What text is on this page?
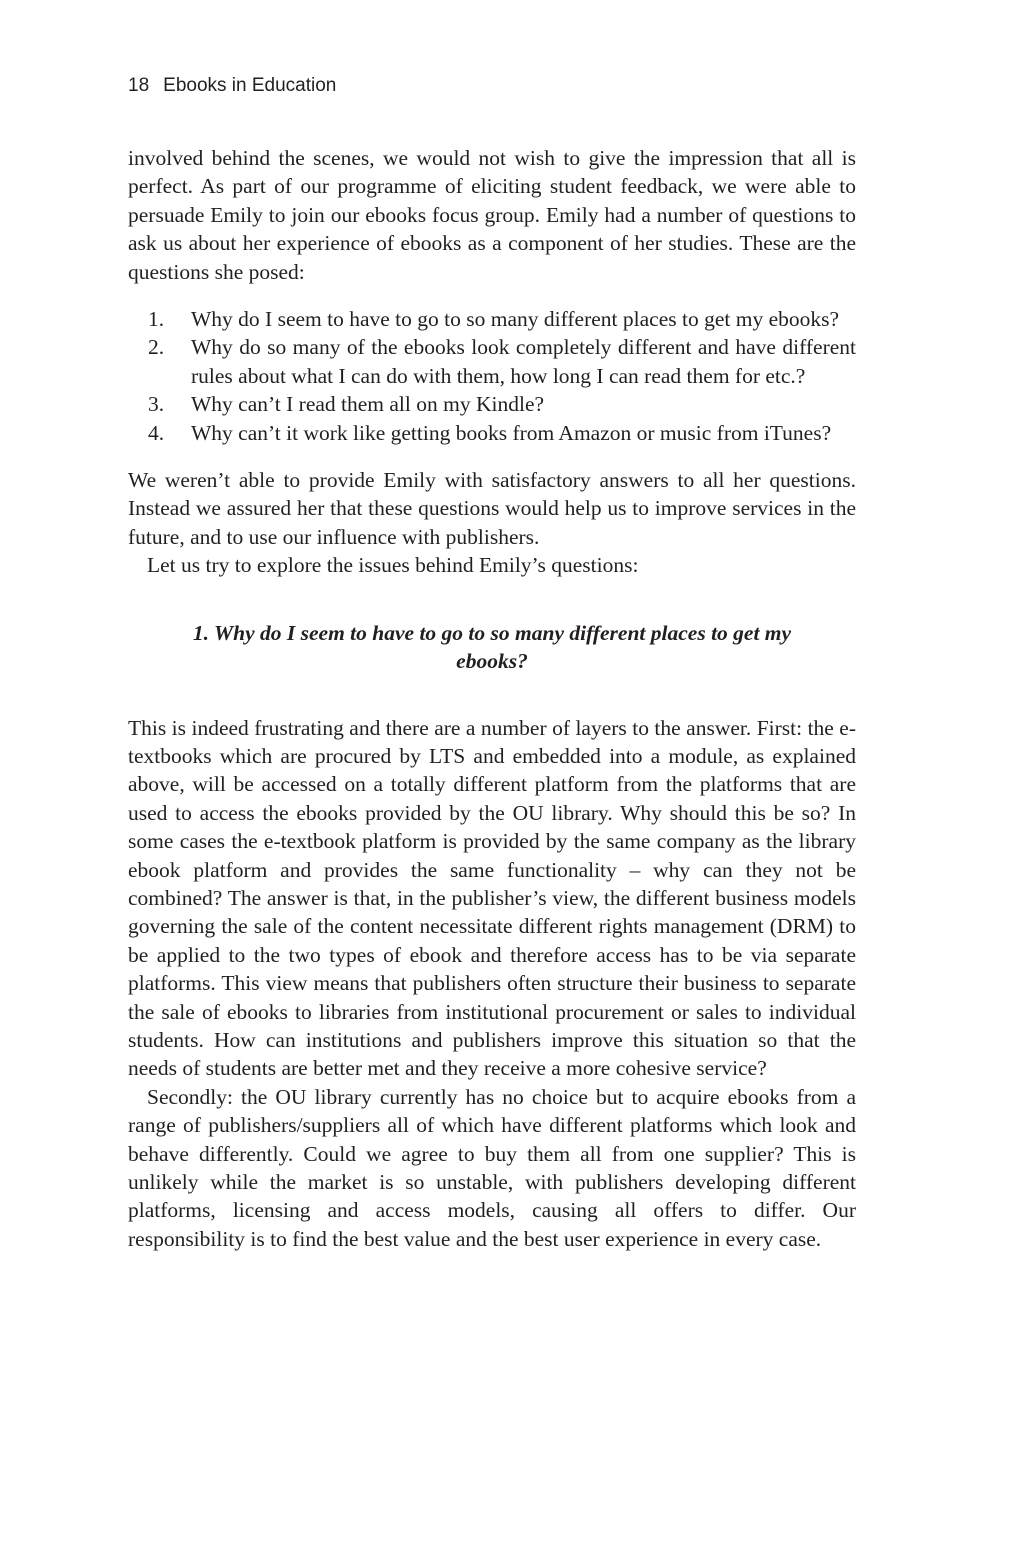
18 Ebooks in Education

involved behind the scenes, we would not wish to give the impression that all is perfect. As part of our programme of eliciting student feedback, we were able to persuade Emily to join our ebooks focus group. Emily had a number of questions to ask us about her experience of ebooks as a component of her studies. These are the questions she posed:

1. Why do I seem to have to go to so many different places to get my ebooks?
2. Why do so many of the ebooks look completely different and have different rules about what I can do with them, how long I can read them for etc.?
3. Why can’t I read them all on my Kindle?
4. Why can’t it work like getting books from Amazon or music from iTunes?

We weren’t able to provide Emily with satisfactory answers to all her questions. Instead we assured her that these questions would help us to improve services in the future, and to use our influence with publishers.

Let us try to explore the issues behind Emily’s questions:

1. Why do I seem to have to go to so many different places to get my ebooks?

This is indeed frustrating and there are a number of layers to the answer. First: the e-textbooks which are procured by LTS and embedded into a module, as explained above, will be accessed on a totally different platform from the platforms that are used to access the ebooks provided by the OU library. Why should this be so? In some cases the e-textbook platform is provided by the same company as the library ebook platform and provides the same functionality – why can they not be combined? The answer is that, in the publisher’s view, the different business models governing the sale of the content necessitate different rights management (DRM) to be applied to the two types of ebook and therefore access has to be via separate platforms. This view means that publishers often structure their business to separate the sale of ebooks to libraries from institutional procurement or sales to individual students. How can institutions and publishers improve this situation so that the needs of students are better met and they receive a more cohesive service?

Secondly: the OU library currently has no choice but to acquire ebooks from a range of publishers/suppliers all of which have different platforms which look and behave differently. Could we agree to buy them all from one supplier? This is unlikely while the market is so unstable, with publishers developing different platforms, licensing and access models, causing all offers to differ. Our responsibility is to find the best value and the best user experience in every case.
